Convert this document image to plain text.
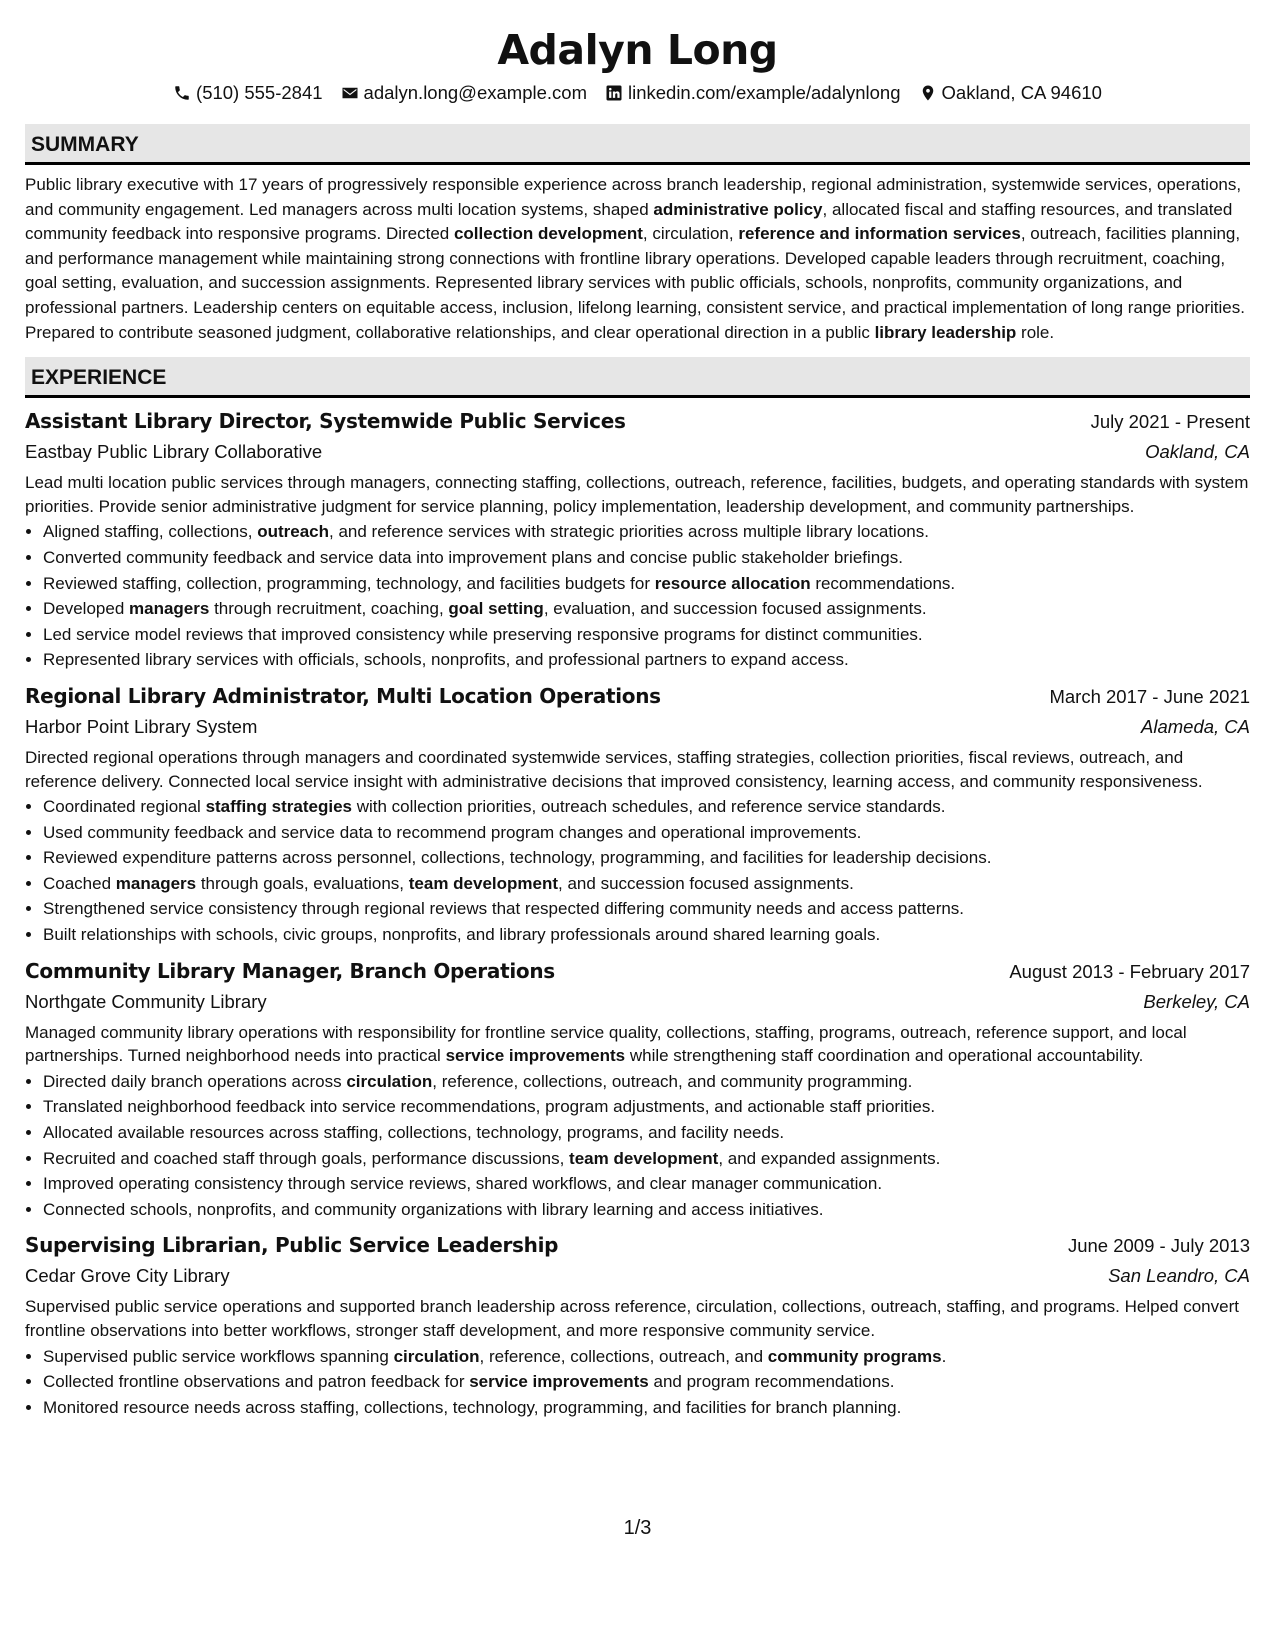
Adalyn Long
(510) 555-2841 adalyn.long@example.com linkedin.com/example/adalynlong Oakland, CA 94610
SUMMARY

Public library executive with 17 years of progressively responsible experience across branch leadership, regional administration, systemwide services, operations, and community engagement. Led managers across multi location systems, shaped administrative policy, allocated fiscal and staffing resources, and translated community feedback into responsive programs. Directed collection development, circulation, reference and information services, outreach, facilities planning, and performance management while maintaining strong connections with frontline library operations. Developed capable leaders through recruitment, coaching, goal setting, evaluation, and succession assignments. Represented library services with public officials, schools, nonprofits, community organizations, and professional partners. Leadership centers on equitable access, inclusion, lifelong learning, consistent service, and practical implementation of long range priorities. Prepared to contribute seasoned judgment, collaborative relationships, and clear operational direction in a public library leadership role.

EXPERIENCE
Assistant Library Director, Systemwide Public Services	July 2021 - Present
Eastbay Public Library Collaborative	Oakland, CA
Lead multi location public services through managers, connecting staffing, collections, outreach, reference, facilities, budgets, and operating standards with system priorities. Provide senior administrative judgment for service planning, policy implementation, leadership development, and community partnerships.
• Aligned staffing, collections, outreach, and reference services with strategic priorities across multiple library locations.
• Converted community feedback and service data into improvement plans and concise public stakeholder briefings.
• Reviewed staffing, collection, programming, technology, and facilities budgets for resource allocation recommendations.
• Developed managers through recruitment, coaching, goal setting, evaluation, and succession focused assignments.
• Led service model reviews that improved consistency while preserving responsive programs for distinct communities.
• Represented library services with officials, schools, nonprofits, and professional partners to expand access.
Regional Library Administrator, Multi Location Operations	March 2017 - June 2021
Harbor Point Library System	Alameda, CA
Directed regional operations through managers and coordinated systemwide services, staffing strategies, collection priorities, fiscal reviews, outreach, and reference delivery. Connected local service insight with administrative decisions that improved consistency, learning access, and community responsiveness.
• Coordinated regional staffing strategies with collection priorities, outreach schedules, and reference service standards.
• Used community feedback and service data to recommend program changes and operational improvements.
• Reviewed expenditure patterns across personnel, collections, technology, programming, and facilities for leadership decisions.
• Coached managers through goals, evaluations, team development, and succession focused assignments.
• Strengthened service consistency through regional reviews that respected differing community needs and access patterns.
• Built relationships with schools, civic groups, nonprofits, and library professionals around shared learning goals.
Community Library Manager, Branch Operations	August 2013 - February 2017
Northgate Community Library	Berkeley, CA
Managed community library operations with responsibility for frontline service quality, collections, staffing, programs, outreach, reference support, and local partnerships. Turned neighborhood needs into practical service improvements while strengthening staff coordination and operational accountability.
• Directed daily branch operations across circulation, reference, collections, outreach, and community programming.
• Translated neighborhood feedback into service recommendations, program adjustments, and actionable staff priorities.
• Allocated available resources across staffing, collections, technology, programs, and facility needs.
• Recruited and coached staff through goals, performance discussions, team development, and expanded assignments.
• Improved operating consistency through service reviews, shared workflows, and clear manager communication.
• Connected schools, nonprofits, and community organizations with library learning and access initiatives.
Supervising Librarian, Public Service Leadership	June 2009 - July 2013
Cedar Grove City Library	San Leandro, CA
Supervised public service operations and supported branch leadership across reference, circulation, collections, outreach, staffing, and programs. Helped convert frontline observations into better workflows, stronger staff development, and more responsive community service.
• Supervised public service workflows spanning circulation, reference, collections, outreach, and community programs.
• Collected frontline observations and patron feedback for service improvements and program recommendations.
• Monitored resource needs across staffing, collections, technology, programming, and facilities for branch planning.
1/3
